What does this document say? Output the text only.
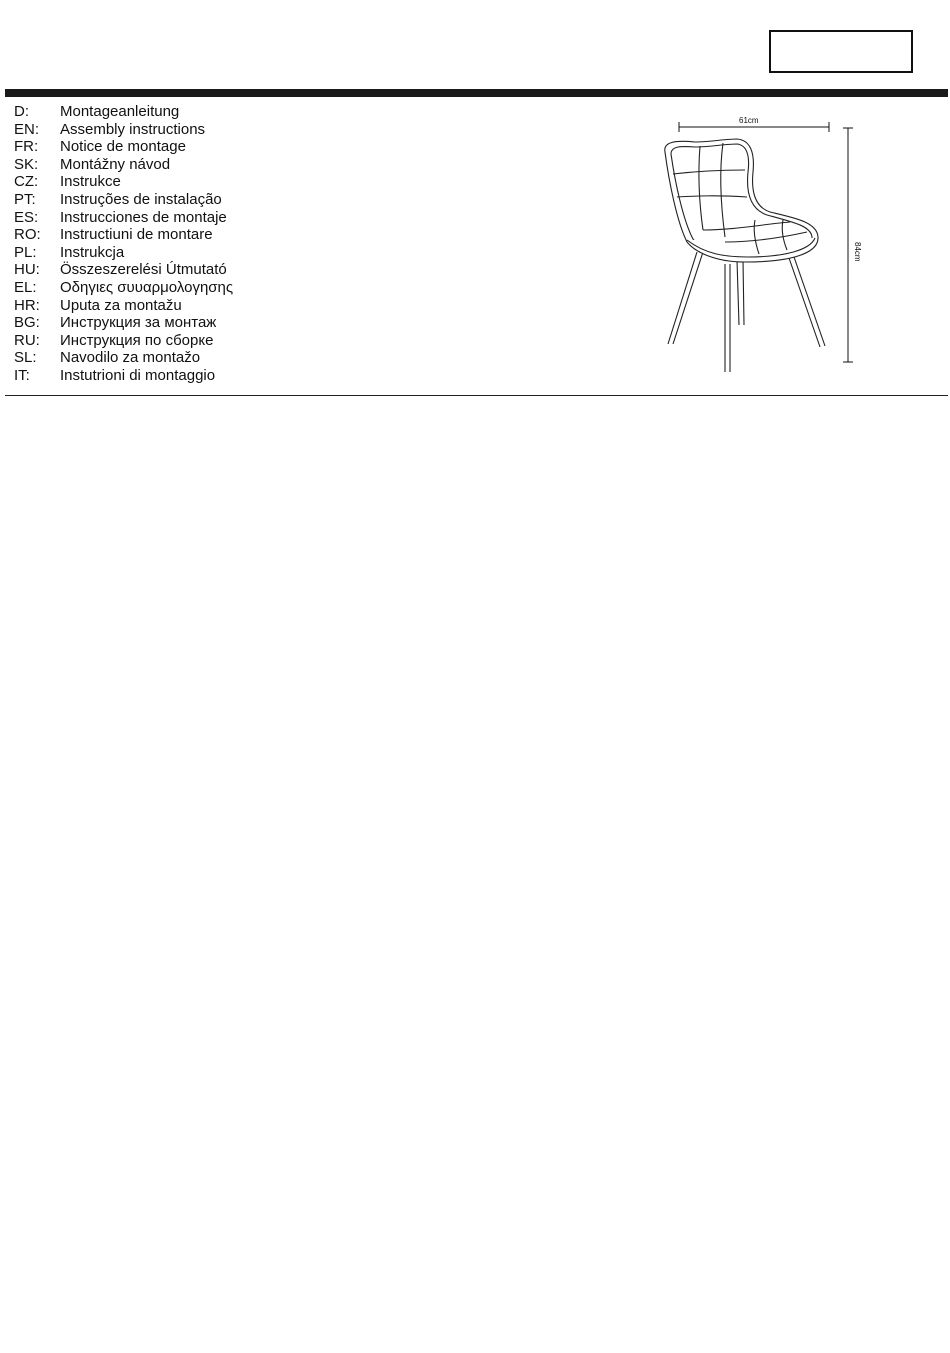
D:	Montageanleitung
EN:	Assembly instructions
FR:	Notice de montage
SK:	Montážny návod
CZ:	Instrukce
PT:	Instruções de instalação
ES:	Instrucciones de montaje
RO:	Instructiuni de montare
PL:	Instrukcja
HU:	Összeszerelési Útmutató
EL:	Οδηγιες συυαρμολογησης
HR:	Uputa za montažu
BG:	Инструкция за монтаж
RU:	Инструкция по сборке
SL:	Navodilo za montažo
IT:	Instutrioni di montaggio
61cm
84cm
